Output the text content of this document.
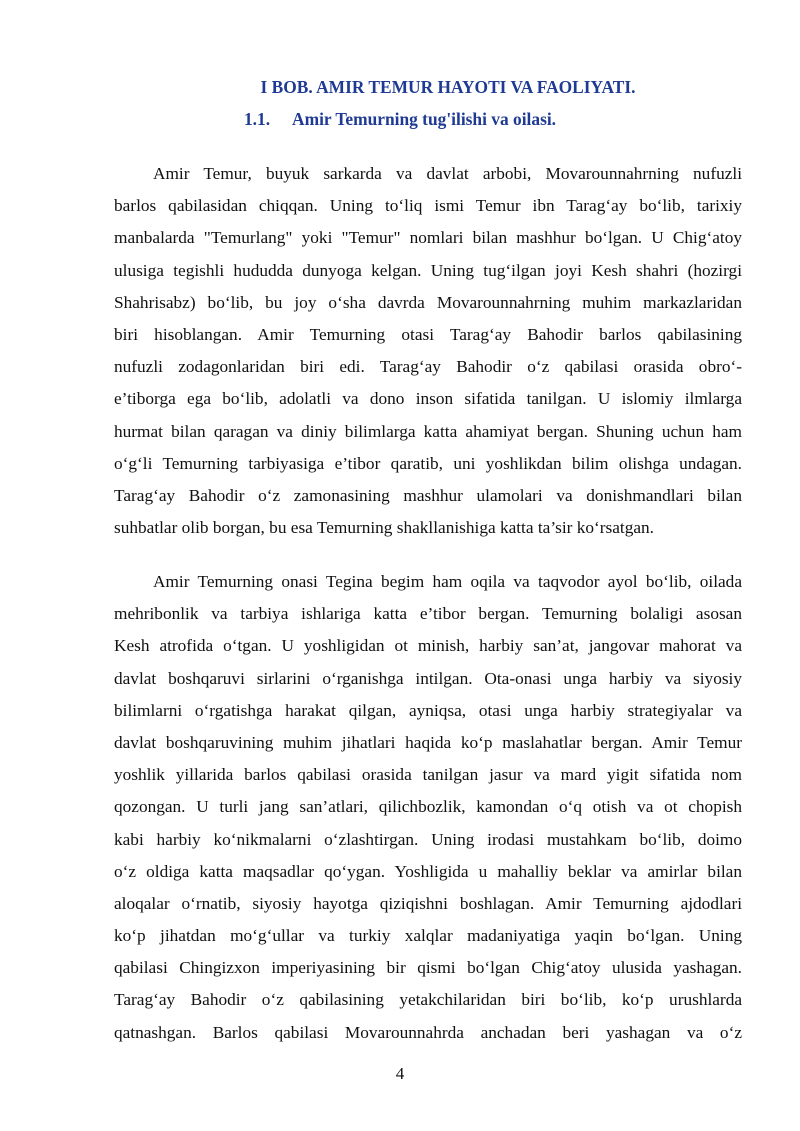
I BOB. AMIR TEMUR HAYOTI VA FAOLIYATI.
1.1. Amir Temurning tug'ilishi va oilasi.
Amir Temur, buyuk sarkarda va davlat arbobi, Movarounnahrning nufuzli
barlos qabilasidan chiqqan. Uning to‘liq ismi Temur ibn Tarag‘ay bo‘lib, tarixiy
manbalarda "Temurlang" yoki "Temur" nomlari bilan mashhur bo‘lgan. U Chig‘atoy
ulusiga tegishli hududda dunyoga kelgan. Uning tug‘ilgan joyi Kesh shahri (hozirgi
Shahrisabz) bo‘lib, bu joy o‘sha davrda Movarounnahrning muhim markazlaridan
biri hisoblangan. Amir Temurning otasi Tarag‘ay Bahodir barlos qabilasining
nufuzli zodagonlaridan biri edi. Tarag‘ay Bahodir o‘z qabilasi orasida obro‘-
e’tiborga ega bo‘lib, adolatli va dono inson sifatida tanilgan. U islomiy ilmlarga
hurmat bilan qaragan va diniy bilimlarga katta ahamiyat bergan. Shuning uchun ham
o‘g‘li Temurning tarbiyasiga e’tibor qaratib, uni yoshlikdan bilim olishga undagan.
Tarag‘ay Bahodir o‘z zamonasining mashhur ulamolari va donishmandlari bilan
suhbatlar olib borgan, bu esa Temurning shakllanishiga katta ta’sir ko‘rsatgan.
Amir Temurning onasi Tegina begim ham oqila va taqvodor ayol bo‘lib, oilada
mehribonlik va tarbiya ishlariga katta e’tibor bergan. Temurning bolaligi asosan
Kesh atrofida o‘tgan. U yoshligidan ot minish, harbiy san’at, jangovar mahorat va
davlat boshqaruvi sirlarini o‘rganishga intilgan. Ota-onasi unga harbiy va siyosiy
bilimlarni o‘rgatishga harakat qilgan, ayniqsa, otasi unga harbiy strategiyalar va
davlat boshqaruvining muhim jihatlari haqida ko‘p maslahatlar bergan. Amir Temur
yoshlik yillarida barlos qabilasi orasida tanilgan jasur va mard yigit sifatida nom
qozongan. U turli jang san’atlari, qilichbozlik, kamondan o‘q otish va ot chopish
kabi harbiy ko‘nikmalarni o‘zlashtirgan. Uning irodasi mustahkam bo‘lib, doimo
o‘z oldiga katta maqsadlar qo‘ygan. Yoshligida u mahalliy beklar va amirlar bilan
aloqalar o‘rnatib, siyosiy hayotga qiziqishni boshlagan. Amir Temurning ajdodlari
ko‘p jihatdan mo‘g‘ullar va turkiy xalqlar madaniyatiga yaqin bo‘lgan. Uning
qabilasi Chingizxon imperiyasining bir qismi bo‘lgan Chig‘atoy ulusida yashagan.
Tarag‘ay Bahodir o‘z qabilasining yetakchilaridan biri bo‘lib, ko‘p urushlarda
qatnashgan. Barlos qabilasi Movarounnahrda anchadan beri yashagan va o‘z
4
